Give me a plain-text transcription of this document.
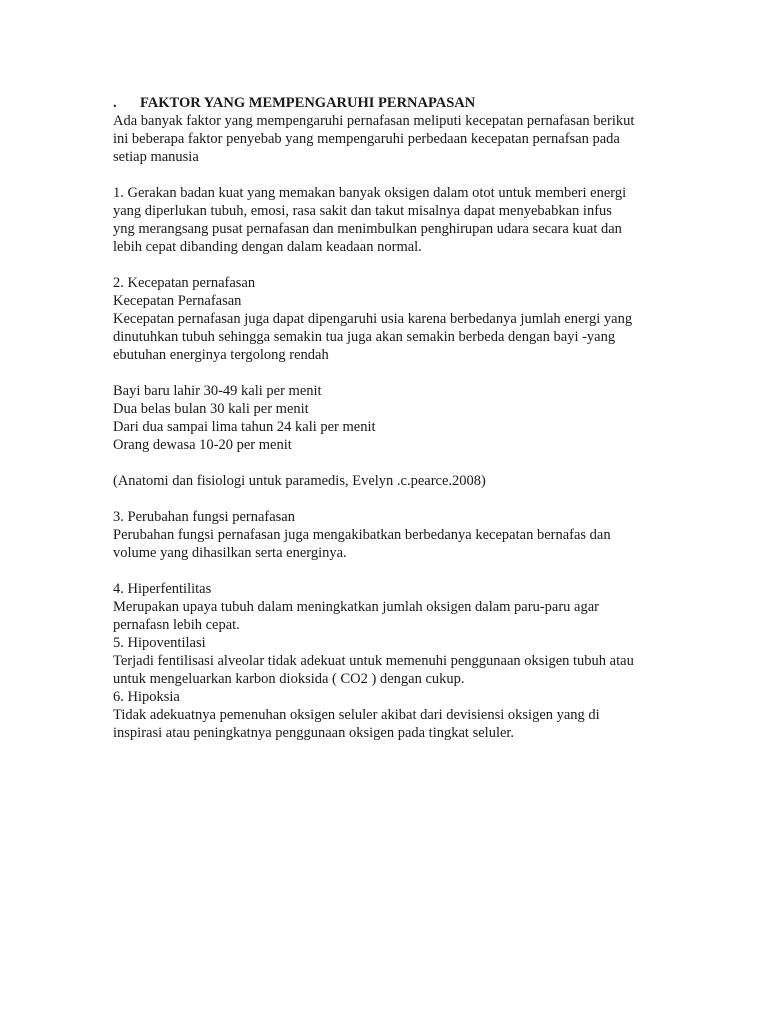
. FAKTOR YANG MEMPENGARUHI PERNAPASAN

Ada banyak faktor yang mempengaruhi pernafasan meliputi kecepatan pernafasan berikut

ini beberapa faktor penyebab yang mempengaruhi perbedaan kecepatan pernafsan pada

setiap manusia

1. Gerakan badan kuat yang memakan banyak oksigen dalam otot untuk memberi energi

yang diperlukan tubuh, emosi, rasa sakit dan takut misalnya dapat menyebabkan infus

yng merangsang pusat pernafasan dan menimbulkan penghirupan udara secara kuat dan

lebih cepat dibanding dengan dalam keadaan normal.

2. Kecepatan pernafasan

Kecepatan Pernafasan

Kecepatan pernafasan juga dapat dipengaruhi usia karena berbedanya jumlah energi yang

dinutuhkan tubuh sehingga semakin tua juga akan semakin berbeda dengan bayi -yang

ebutuhan energinya tergolong rendah

Bayi baru lahir 30-49 kali per menit

Dua belas bulan 30 kali per menit

Dari dua sampai lima tahun 24 kali per menit

Orang dewasa 10-20 per menit

(Anatomi dan fisiologi untuk paramedis, Evelyn .c.pearce.2008)

3. Perubahan fungsi pernafasan

Perubahan fungsi pernafasan juga mengakibatkan berbedanya kecepatan bernafas dan

volume yang dihasilkan serta energinya.

4. Hiperfentilitas

Merupakan upaya tubuh dalam meningkatkan jumlah oksigen dalam paru-paru agar

pernafasn lebih cepat.

5. Hipoventilasi

Terjadi fentilisasi alveolar tidak adekuat untuk memenuhi penggunaan oksigen tubuh atau

untuk mengeluarkan karbon dioksida ( CO2 ) dengan cukup.

6. Hipoksia

Tidak adekuatnya pemenuhan oksigen seluler akibat dari devisiensi oksigen yang di

inspirasi atau peningkatnya penggunaan oksigen pada tingkat seluler.
